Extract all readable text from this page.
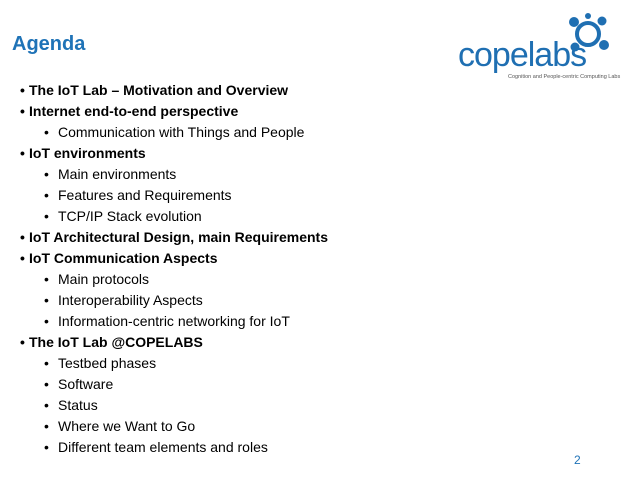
Agenda	copelabs
Cognition and People-centric Computing Labs
• The IoT Lab – Motivation and Overview
• Internet end-to-end perspective
• Communication with Things and People
• IoT environments
• Main environments
• Features and Requirements
• TCP/IP Stack evolution
• IoT Architectural Design, main Requirements
• IoT Communication Aspects
• Main protocols
• Interoperability Aspects
• Information-centric networking for IoT
• The IoT Lab @COPELABS
• Testbed phases
• Software
• Status
• Where we Want to Go
• Different team elements and roles
2
